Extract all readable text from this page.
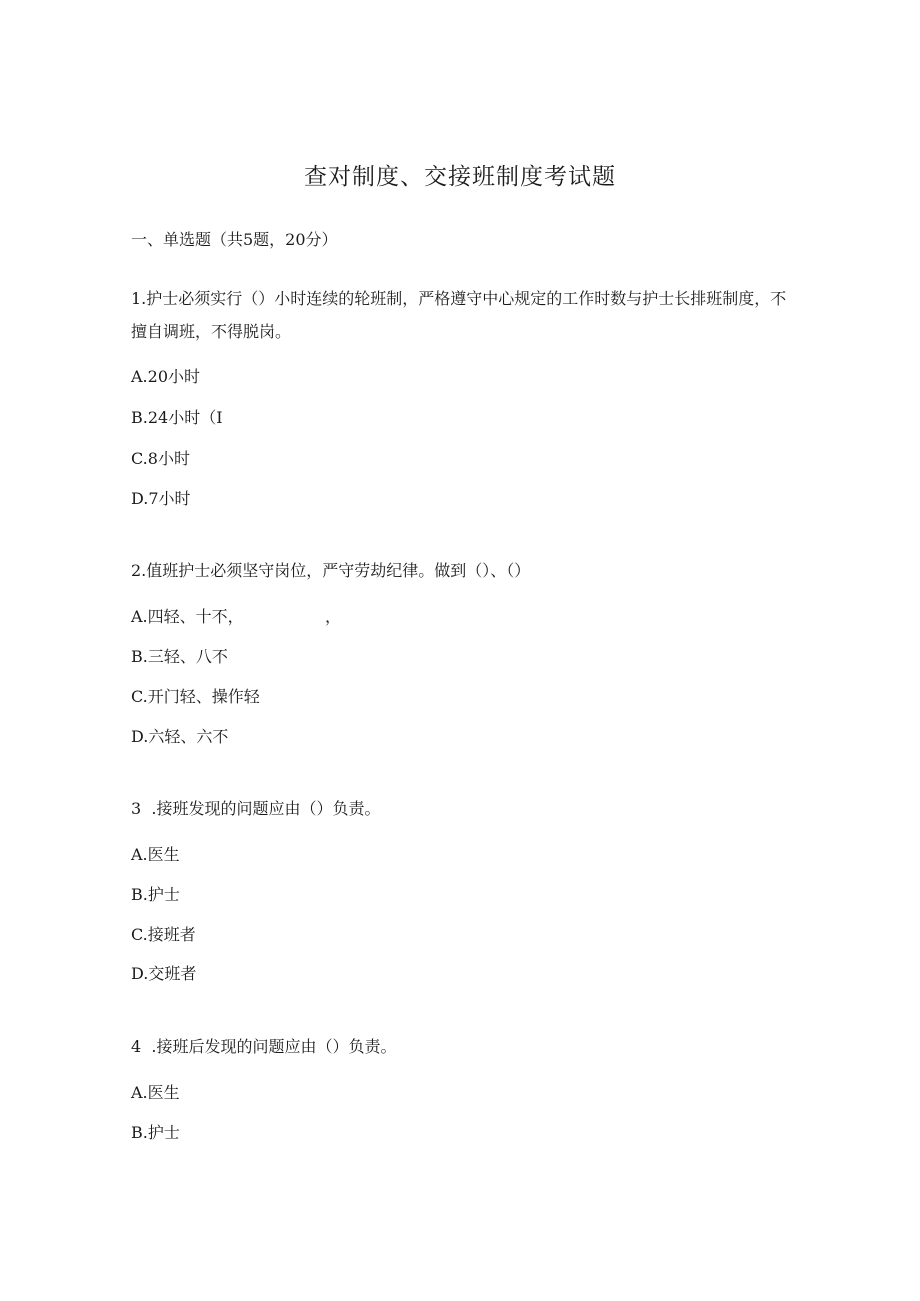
查对制度、交接班制度考试题
一、单选题（共5题，20分）
1.护士必须实行（）小时连续的轮班制，严格遵守中心规定的工作时数与护士长排班制度，不擅自调班，不得脱岗。
A.20小时
B.24小时（I
C.8小时
D.7小时
2.值班护士必须坚守岗位，严守劳劫纪律。做到（）、（）
A.四轻、十不，                ，
B.三轻、八不
C.开门轻、操作轻
D.六轻、六不
3  .接班发现的问题应由（）负责。
A.医生
B.护士
C.接班者
D.交班者
4  .接班后发现的问题应由（）负责。
A.医生
B.护士
